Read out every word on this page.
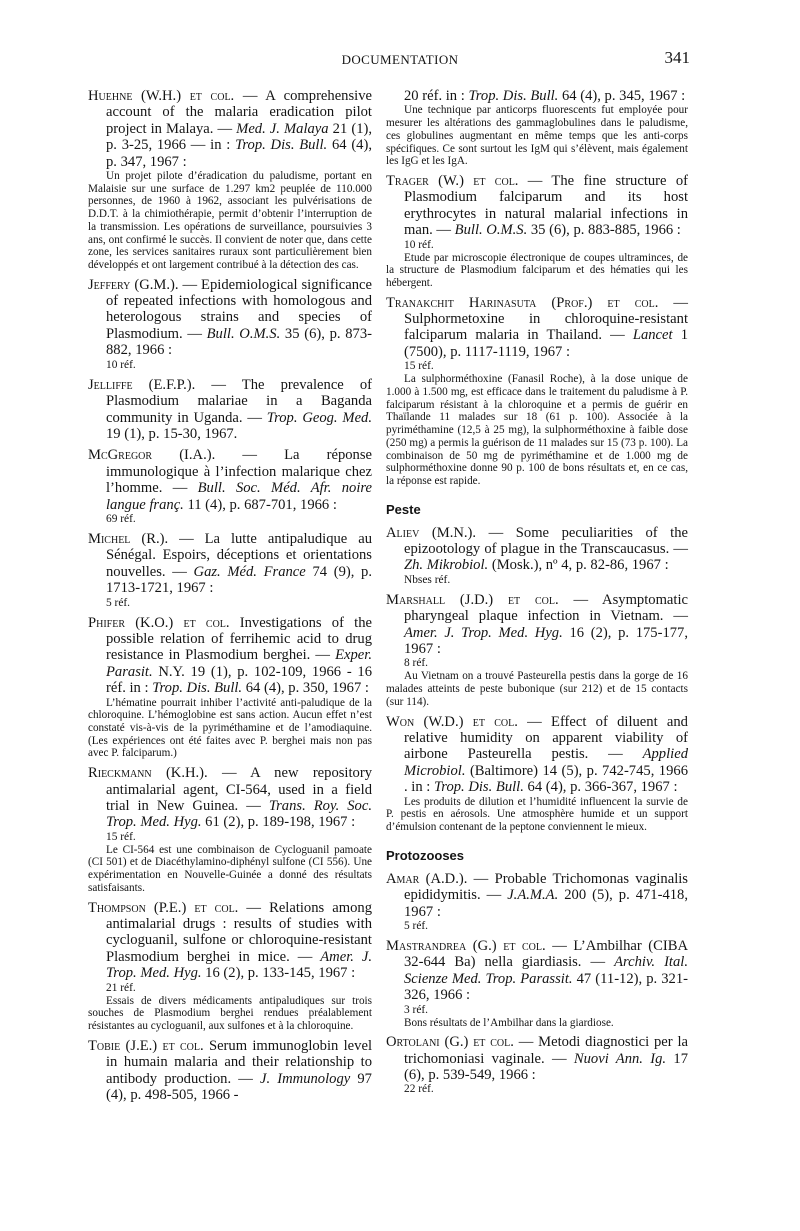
DOCUMENTATION	341

Huehne (W.H.) et col. — A comprehensive account of the malaria eradication pilot project in Malaya. — Med. J. Malaya 21 (1), p. 3-25, 1966 — in : Trop. Dis. Bull. 64 (4), p. 347, 1967 :

Un projet pilote d’éradication du paludisme, portant en Malaisie sur une surface de 1.297 km2 peuplée de 110.000 personnes, de 1960 à 1962, associant les pulvérisations de D.D.T. à la chimiothérapie, permit d’obtenir l’interruption de la transmission. Les opérations de surveillance, poursuivies 3 ans, ont confirmé le succès. Il convient de noter que, dans cette zone, les services sanitaires ruraux sont particulièrement bien développés et ont largement contribué à la détection des cas.

Jeffery (G.M.). — Epidemiological significance of repeated infections with homologous and heterologous strains and species of Plasmodium. — Bull. O.M.S. 35 (6), p. 873-882, 1966 :

10 réf.

Jelliffe (E.F.P.). — The prevalence of Plasmodium malariae in a Baganda community in Uganda. — Trop. Geog. Med. 19 (1), p. 15-30, 1967.

McGregor (I.A.). — La réponse immunologique à l’infection malarique chez l’homme. — Bull. Soc. Méd. Afr. noire langue franç. 11 (4), p. 687-701, 1966 :

69 réf.

Michel (R.). — La lutte antipaludique au Sénégal. Espoirs, déceptions et orientations nouvelles. — Gaz. Méd. France 74 (9), p. 1713-1721, 1967 :

5 réf.

Phifer (K.O.) et col. Investigations of the possible relation of ferrihemic acid to drug resistance in Plasmodium berghei. — Exper. Parasit. N.Y. 19 (1), p. 102-109, 1966 - 16 réf. in : Trop. Dis. Bull. 64 (4), p. 350, 1967 :

L’hématine pourrait inhiber l’activité anti-paludique de la chloroquine. L’hémoglobine est sans action. Aucun effet n’est constaté vis-à-vis de la pyriméthamine et de l’amodiaquine. (Les expériences ont été faites avec P. berghei mais non pas avec P. falciparum.)

Rieckmann (K.H.). — A new repository antimalarial agent, CI-564, used in a field trial in New Guinea. — Trans. Roy. Soc. Trop. Med. Hyg. 61 (2), p. 189-198, 1967 :

15 réf.

Le CI-564 est une combinaison de Cycloguanil pamoate (CI 501) et de Diacéthylamino-diphényl sulfone (CI 556). Une expérimentation en Nouvelle-Guinée a donné des résultats satisfaisants.

Thompson (P.E.) et col. — Relations among antimalarial drugs : results of studies with cycloguanil, sulfone or chloroquine-resistant Plasmodium berghei in mice. — Amer. J. Trop. Med. Hyg. 16 (2), p. 133-145, 1967 :

21 réf.

Essais de divers médicaments antipaludiques sur trois souches de Plasmodium berghei rendues préalablement résistantes au cycloguanil, aux sulfones et à la chloroquine.

Tobie (J.E.) et col. Serum immunoglobin level in humain malaria and their relationship to antibody production. — J. Immunology 97 (4), p. 498-505, 1966 -

20 réf. in : Trop. Dis. Bull. 64 (4), p. 345, 1967 :

Une technique par anticorps fluorescents fut employée pour mesurer les altérations des gammaglobulines dans le paludisme, ces globulines augmentant en même temps que les anti-corps spécifiques. Ce sont surtout les IgM qui s’élèvent, mais également les IgG et les IgA.

Trager (W.) et col. — The fine structure of Plasmodium falciparum and its host erythrocytes in natural malarial infections in man. — Bull. O.M.S. 35 (6), p. 883-885, 1966 :

10 réf.

Etude par microscopie électronique de coupes ultraminces, de la structure de Plasmodium falciparum et des hématies qui les hébergent.

Tranakchit Harinasuta (Prof.) et col. — Sulphormetoxine in chloroquine-resistant falciparum malaria in Thailand. — Lancet 1 (7500), p. 1117-1119, 1967 :

15 réf.

La sulphorméthoxine (Fanasil Roche), à la dose unique de 1.000 à 1.500 mg, est efficace dans le traitement du paludisme à P. falciparum résistant à la chloroquine et a permis de guérir en Thaïlande 11 malades sur 18 (61 p. 100). Associée à la pyriméthamine (12,5 à 25 mg), la sulphorméthoxine à faible dose (250 mg) a permis la guérison de 11 malades sur 15 (73 p. 100). La combinaison de 50 mg de pyriméthamine et de 1.000 mg de sulphorméthoxine donne 90 p. 100 de bons résultats et, en ce cas, la réponse est rapide.

Peste

Aliev (M.N.). — Some peculiarities of the epizootology of plague in the Transcaucasus. — Zh. Mikrobiol. (Mosk.), nº 4, p. 82-86, 1967 :

Nbses réf.

Marshall (J.D.) et col. — Asymptomatic pharyngeal plaque infection in Vietnam. — Amer. J. Trop. Med. Hyg. 16 (2), p. 175-177, 1967 :

8 réf.

Au Vietnam on a trouvé Pasteurella pestis dans la gorge de 16 malades atteints de peste bubonique (sur 212) et de 15 contacts (sur 114).

Won (W.D.) et col. — Effect of diluent and relative humidity on apparent viability of airbone Pasteurella pestis. — Applied Microbiol. (Baltimore) 14 (5), p. 742-745, 1966 . in : Trop. Dis. Bull. 64 (4), p. 366-367, 1967 :

Les produits de dilution et l’humidité influencent la survie de P. pestis en aérosols. Une atmosphère humide et un support d’émulsion contenant de la peptone conviennent le mieux.

Protozooses

Amar (A.D.). — Probable Trichomonas vaginalis epididymitis. — J.A.M.A. 200 (5), p. 471-418, 1967 :

5 réf.

Mastrandrea (G.) et col. — L’Ambilhar (CIBA 32-644 Ba) nella giardiasis. — Archiv. Ital. Scienze Med. Trop. Parassit. 47 (11-12), p. 321-326, 1966 :

3 réf.

Bons résultats de l’Ambilhar dans la giardiose.

Ortolani (G.) et col. — Metodi diagnostici per la trichomoniasi vaginale. — Nuovi Ann. Ig. 17 (6), p. 539-549, 1966 :

22 réf.
